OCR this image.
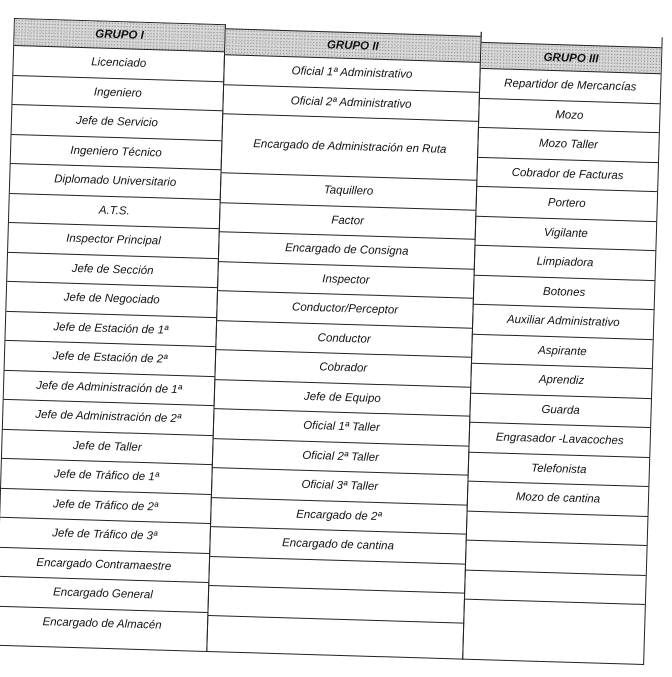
GRUPO I
Licenciado
Ingeniero
Jefe de Servicio
Ingeniero Técnico
Diplomado Universitario
A.T.S.
Inspector Principal
Jefe de Sección
Jefe de Negociado
Jefe de Estación de 1ª
Jefe de Estación de 2ª
Jefe de Administración de 1ª
Jefe de Administración de 2ª
Jefe de Taller
Jefe de Tráfico de 1ª
Jefe de Tráfico de 2ª
Jefe de Tráfico de 3ª
Encargado Contramaestre
Encargado General
Encargado de Almacén
GRUPO II
Oficial 1ª Administrativo
Oficial 2ª Administrativo
Encargado de Administración en Ruta
Taquillero
Factor
Encargado de Consigna
Inspector
Conductor/Perceptor
Conductor
Cobrador
Jefe de Equipo
Oficial 1ª Taller
Oficial 2ª Taller
Oficial 3ª Taller
Encargado de 2ª
Encargado de cantina
GRUPO III
Repartidor de Mercancías
Mozo
Mozo Taller
Cobrador de Facturas
Portero
Vigilante
Limpiadora
Botones
Auxiliar Administrativo
Aspirante
Aprendiz
Guarda
Engrasador -Lavacoches
Telefonista
Mozo de cantina
